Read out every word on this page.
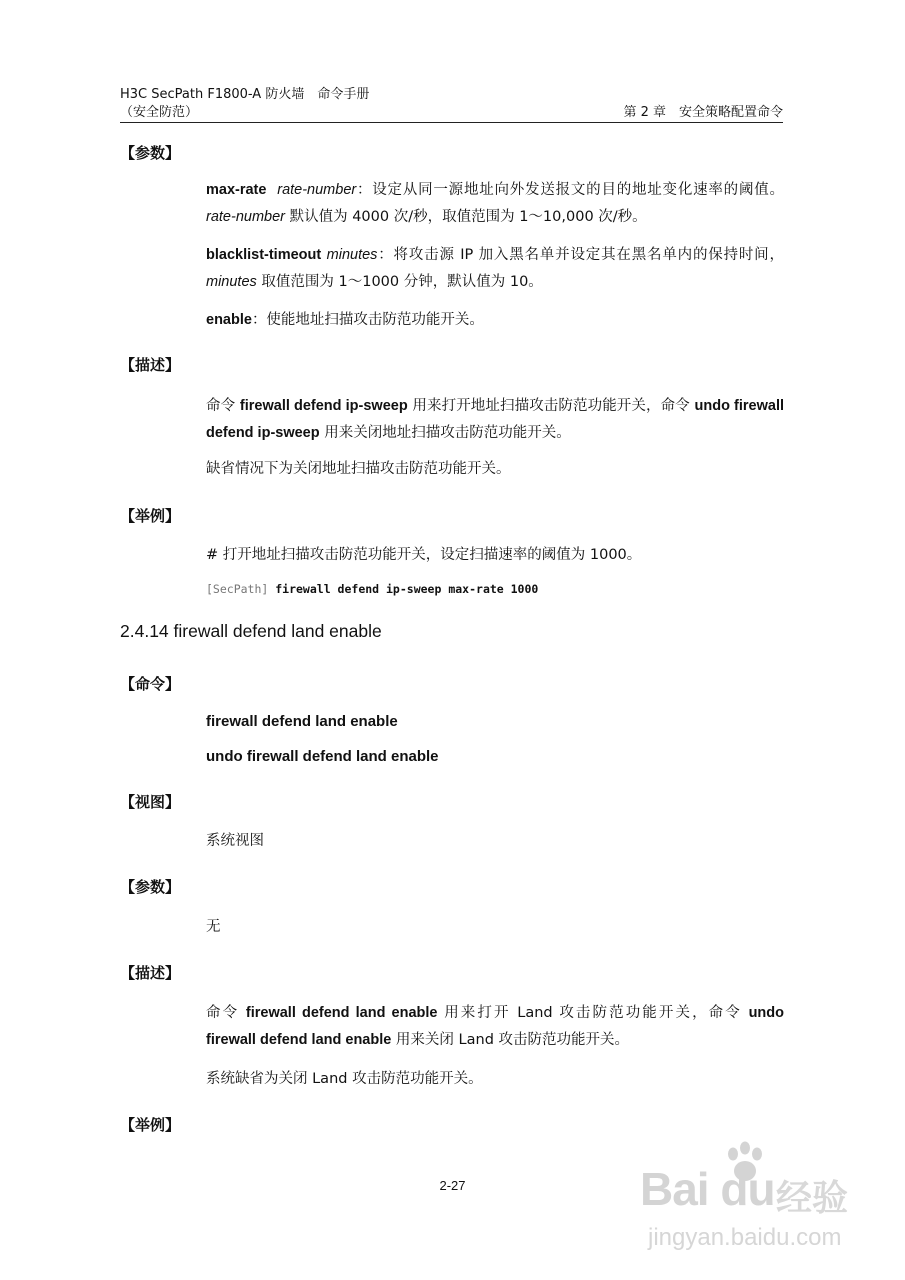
H3C SecPath F1800-A 防火墙　命令手册
（安全防范）	第 2 章　安全策略配置命令
【参数】
max-rate rate-number：设定从同一源地址向外发送报文的目的地址变化速率的阈值。rate-number 默认值为 4000 次/秒，取值范围为 1～10,000 次/秒。
blacklist-timeout minutes：将攻击源 IP 加入黑名单并设定其在黑名单内的保持时间，minutes 取值范围为 1～1000 分钟，默认值为 10。
enable：使能地址扫描攻击防范功能开关。
【描述】
命令 firewall defend ip-sweep 用来打开地址扫描攻击防范功能开关，命令 undo firewall defend ip-sweep 用来关闭地址扫描攻击防范功能开关。
缺省情况下为关闭地址扫描攻击防范功能开关。
【举例】
# 打开地址扫描攻击防范功能开关，设定扫描速率的阈值为 1000。
[SecPath] firewall defend ip-sweep max-rate 1000
2.4.14 firewall defend land enable
【命令】
firewall defend land enable
undo firewall defend land enable
【视图】
系统视图
【参数】
无
【描述】
命令 firewall defend land enable 用来打开 Land 攻击防范功能开关，命令 undo firewall defend land enable 用来关闭 Land 攻击防范功能开关。
系统缺省为关闭 Land 攻击防范功能开关。
【举例】
2-27	Bai du 经验
jingyan.baidu.com
